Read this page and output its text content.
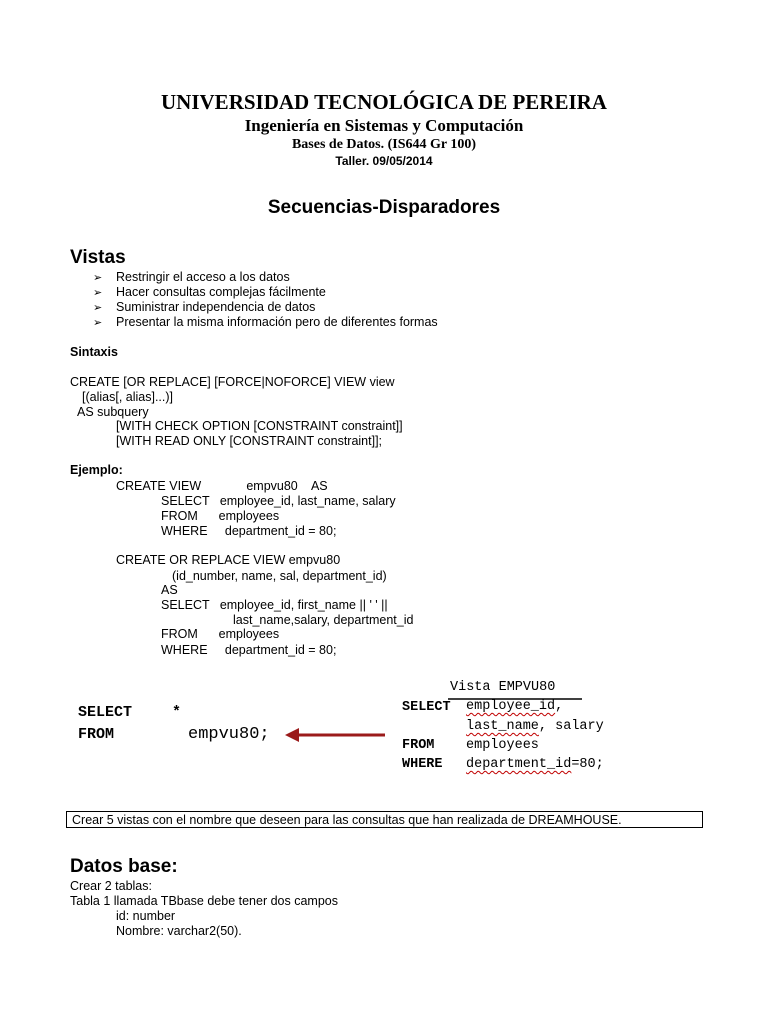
UNIVERSIDAD TECNOLÓGICA DE PEREIRA
Ingeniería en Sistemas y Computación
Bases de Datos. (IS644 Gr 100)
Taller. 09/05/2014
Secuencias-Disparadores
Vistas
➢ Restringir el acceso a los datos
➢ Hacer consultas complejas fácilmente
➢ Suministrar independencia de datos
➢ Presentar la misma información pero de diferentes formas
Sintaxis
CREATE [OR REPLACE] [FORCE|NOFORCE] VIEW view
[(alias[, alias]...)]
AS subquery
[WITH CHECK OPTION [CONSTRAINT constraint]]
[WITH READ ONLY [CONSTRAINT constraint]];
Ejemplo:
CREATE VIEW             empvu80    AS
SELECT   employee_id, last_name, salary
FROM      employees
WHERE     department_id = 80;
CREATE OR REPLACE VIEW empvu80
(id_number, name, sal, department_id)
AS
SELECT   employee_id, first_name || ' ' ||
last_name,salary, department_id
FROM      employees
WHERE     department_id = 80;
SELECT	*
FROM	empvu80;
Vista EMPVU80
SELECT employee_id,
last_name, salary
FROM employees
WHERE department_id=80;
Crear 5 vistas con el nombre que deseen para las consultas que han realizada de DREAMHOUSE.
Datos base:
Crear 2 tablas:
Tabla 1 llamada TBbase debe tener dos campos
id: number
Nombre: varchar2(50).
